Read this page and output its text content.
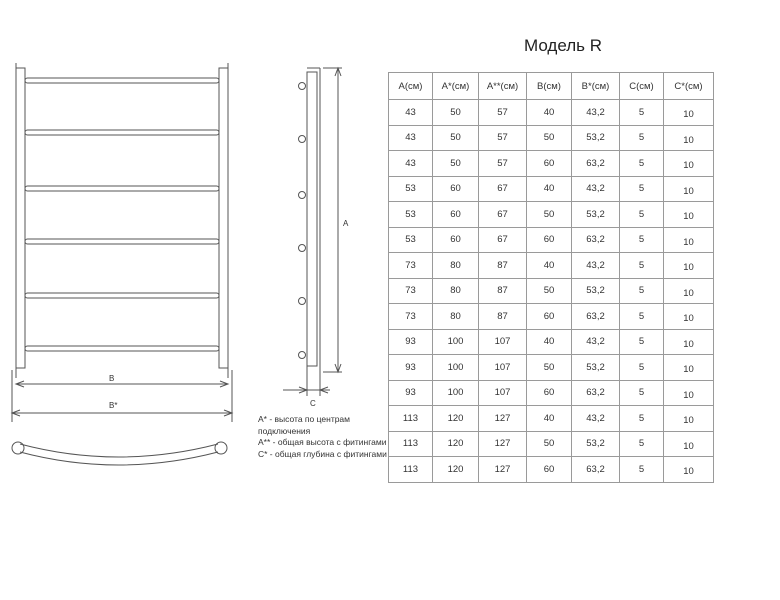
Модель R
B
B*
A
C

A* - высота по центрам подключения

A** - общая высота с фитингами

C* - общая глубина с фитингами

A(см)	A*(см)	A**(см)	B(см)	B*(см)	C(см)	C*(см)
43	50	57	40	43,2	5	10
43	50	57	50	53,2	5	10
43	50	57	60	63,2	5	10
53	60	67	40	43,2	5	10
53	60	67	50	53,2	5	10
53	60	67	60	63,2	5	10
73	80	87	40	43,2	5	10
73	80	87	50	53,2	5	10
73	80	87	60	63,2	5	10
93	100	107	40	43,2	5	10
93	100	107	50	53,2	5	10
93	100	107	60	63,2	5	10
113	120	127	40	43,2	5	10
113	120	127	50	53,2	5	10
113	120	127	60	63,2	5	10
